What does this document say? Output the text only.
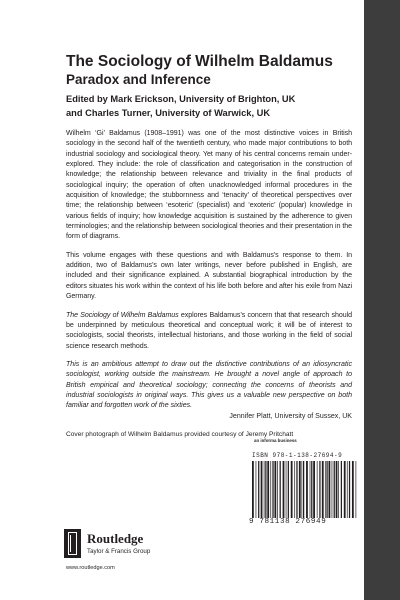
The Sociology of Wilhelm Baldamus
Paradox and Inference
Edited by Mark Erickson, University of Brighton, UK
and Charles Turner, University of Warwick, UK

Wilhelm ‘Gi’ Baldamus (1908–1991) was one of the most distinctive voices in British sociology in the second half of the twentieth century, who made major contributions to both industrial sociology and sociological theory. Yet many of his central concerns remain under-explored. They include: the role of classification and categorisation in the construction of knowledge; the relationship between relevance and triviality in the final products of sociological inquiry; the operation of often unacknowledged informal procedures in the acquisition of knowledge; the stubbornness and ‘tenacity’ of theoretical perspectives over time; the relationship between ‘esoteric’ (specialist) and ‘exoteric’ (popular) knowledge in various fields of inquiry; how knowledge acquisition is sustained by the adherence to given terminologies; and the relationship between sociological theories and their presentation in the form of diagrams.

This volume engages with these questions and with Baldamus’s response to them. In addition, two of Baldamus’s own later writings, never before published in English, are included and their significance explained. A substantial biographical introduction by the editors situates his work within the context of his life both before and after his exile from Nazi Germany.

The Sociology of Wilhelm Baldamus explores Baldamus’s concern that that research should be underpinned by meticulous theoretical and conceptual work; it will be of interest to sociologists, social theorists, intellectual historians, and those working in the field of social science research methods.

This is an ambitious attempt to draw out the distinctive contributions of an idiosyncratic sociologist, working outside the mainstream. He brought a novel angle of approach to British empirical and theoretical sociology; connecting the concerns of theorists and industrial sociologists in original ways. This gives us a valuable new perspective on both familiar and forgotten work of the sixties.
Jennifer Platt, University of Sussex, UK

Cover photograph of Wilhelm Baldamus provided courtesy of Jeremy Pritchatt

an informa business
ISBN 978-1-138-27694-9
9 781138 276949
Routledge
Taylor & Francis Group
www.routledge.com
